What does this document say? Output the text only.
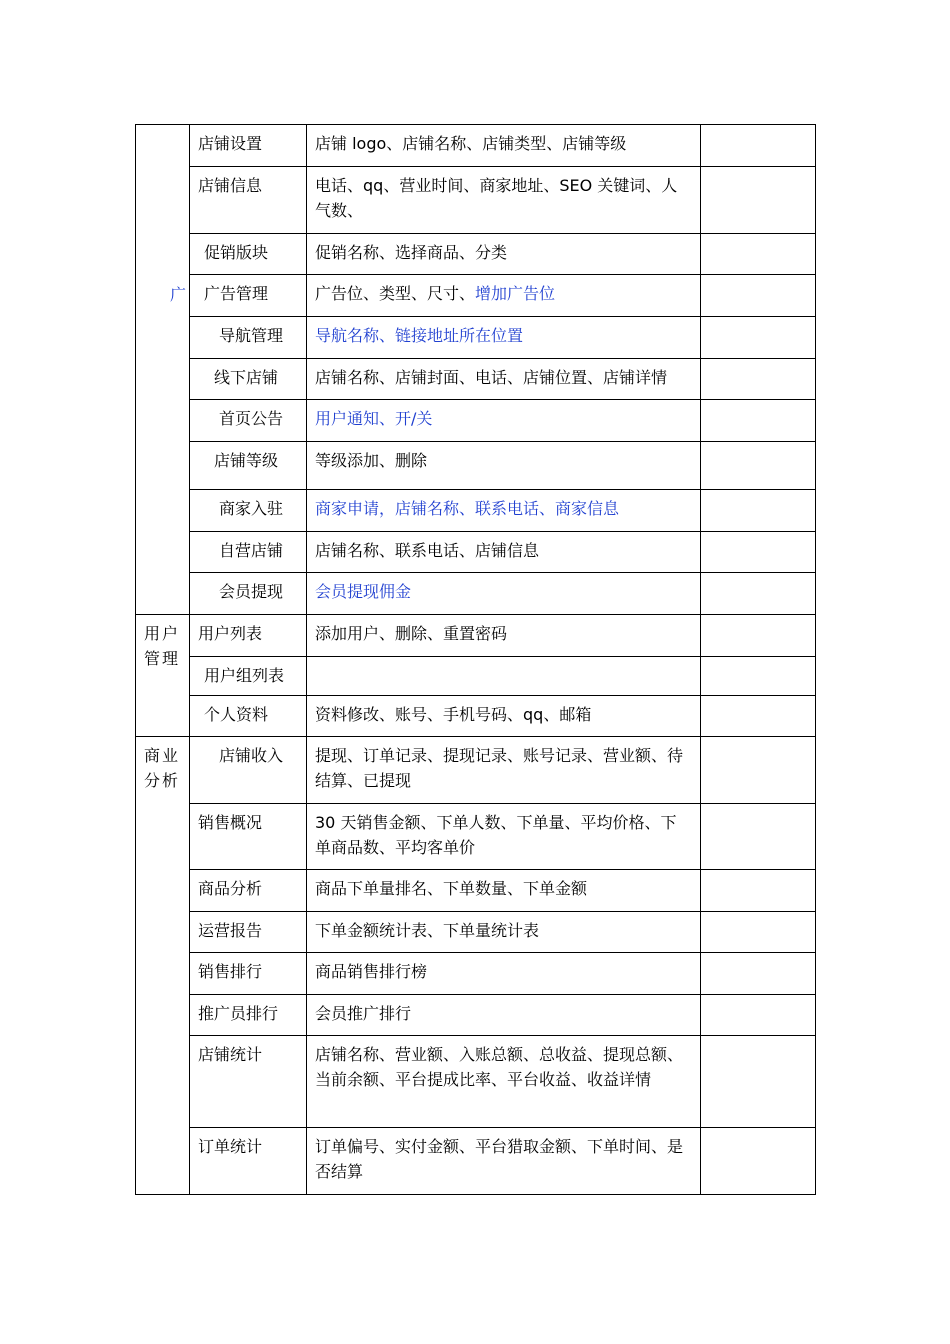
广	店铺设置	店铺 logo、店铺名称、店铺类型、店铺等级	
	店铺信息	电话、qq、营业时间、商家地址、SEO 关键词、人气数、	
	促销版块	促销名称、选择商品、分类	
	广告管理	广告位、类型、尺寸、增加广告位	
	导航管理	导航名称、链接地址所在位置	
	线下店铺	店铺名称、店铺封面、电话、店铺位置、店铺详情	
	首页公告	用户通知、开/关	
	店铺等级	等级添加、删除	
	商家入驻	商家申请，店铺名称、联系电话、商家信息	
	自营店铺	店铺名称、联系电话、店铺信息	
	会员提现	会员提现佣金	
用户管理	用户列表	添加用户、删除、重置密码	
	用户组列表		
	个人资料	资料修改、账号、手机号码、qq、邮箱	
商业分析	店铺收入	提现、订单记录、提现记录、账号记录、营业额、待结算、已提现	
	销售概况	30 天销售金额、下单人数、下单量、平均价格、下单商品数、平均客单价	
	商品分析	商品下单量排名、下单数量、下单金额	
	运营报告	下单金额统计表、下单量统计表	
	销售排行	商品销售排行榜	
	推广员排行	会员推广排行	
	店铺统计	店铺名称、营业额、入账总额、总收益、提现总额、当前余额、平台提成比率、平台收益、收益详情	
	订单统计	订单偏号、实付金额、平台猎取金额、下单时间、是否结算	
